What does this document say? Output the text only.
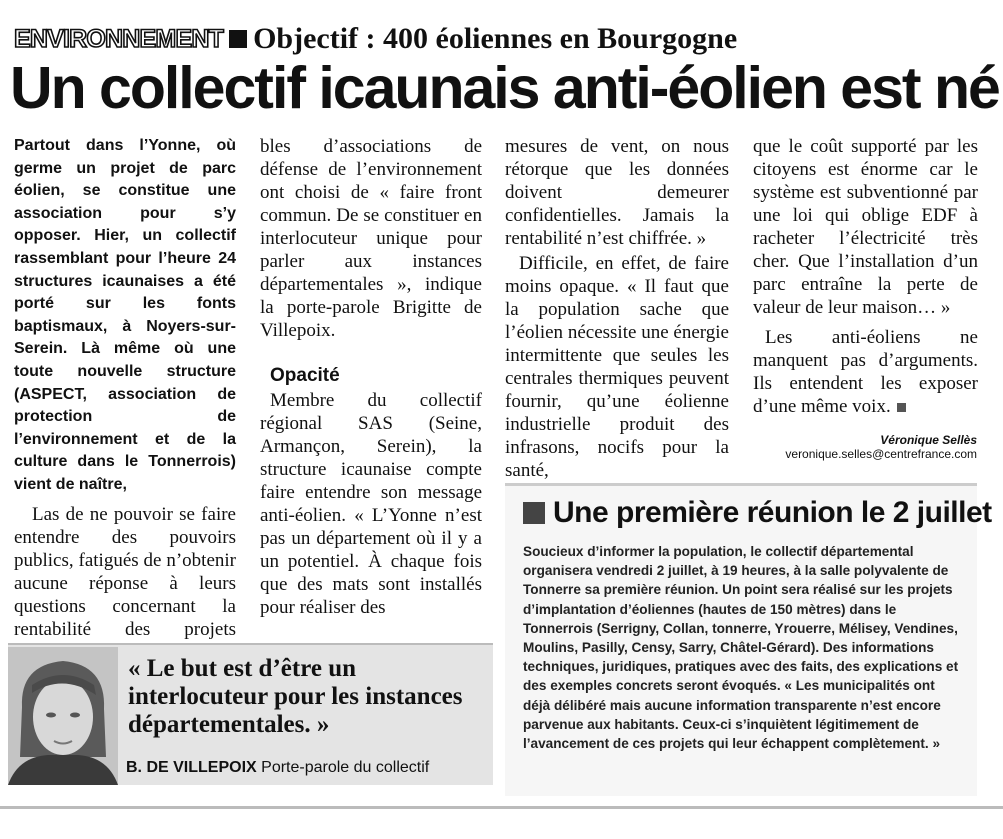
ENVIRONNEMENT Objectif : 400 éoliennes en Bourgogne
Un collectif icaunais anti-éolien est né

Partout dans l’Yonne, où germe un projet de parc éolien, se constitue une association pour s’y opposer. Hier, un collectif rassemblant pour l’heure 24 structures icaunaises a été porté sur les fonts baptismaux, à Noyers-sur-Serein. Là même où une toute nouvelle structure (ASPECT, association de protection de l’environnement et de la culture dans le Tonnerrois) vient de naître,

Las de ne pouvoir se faire entendre des pouvoirs publics, fatigués de n’obtenir aucune réponse à leurs questions concernant la rentabilité des projets

bles d’associations de défense de l’environnement ont choisi de « faire front commun. De se constituer en interlocuteur unique pour parler aux instances départementales », indique la porte-parole Brigitte de Villepoix.

Opacité

Membre du collectif régional SAS (Seine, Armançon, Serein), la structure icaunaise compte faire entendre son message anti-éolien. « L’Yonne n’est pas un département où il y a un potentiel. À chaque fois que des mats sont installés pour réaliser des

mesures de vent, on nous rétorque que les données doivent demeurer confidentielles. Jamais la rentabilité n’est chiffrée. »

Difficile, en effet, de faire moins opaque. « Il faut que la population sache que l’éolien nécessite une énergie intermittente que seules les centrales thermiques peuvent fournir, qu’une éolienne industrielle produit des infrasons, nocifs pour la santé,

que le coût supporté par les citoyens est énorme car le système est subventionné par une loi qui oblige EDF à racheter l’électricité très cher. Que l’installation d’un parc entraîne la perte de valeur de leur maison… »

Les anti-éoliens ne manquent pas d’arguments. Ils entendent les exposer d’une même voix.

Véronique Sellès
veronique.selles@centrefrance.com
« Le but est d’être un interlocuteur pour les instances départementales. »
B. DE VILLEPOIX Porte-parole du collectif
Une première réunion le 2 juillet
Soucieux d’informer la population, le collectif départemental organisera vendredi 2 juillet, à 19 heures, à la salle polyvalente de Tonnerre sa première réunion. Un point sera réalisé sur les projets d’implantation d’éoliennes (hautes de 150 mètres) dans le Tonnerrois (Serrigny, Collan, tonnerre, Yrouerre, Mélisey, Vendines, Moulins, Pasilly, Censy, Sarry, Châtel-Gérard). Des informations techniques, juridiques, pratiques avec des faits, des explications et des exemples concrets seront évoqués. « Les municipalités ont déjà délibéré mais aucune information transparente n’est encore parvenue aux habitants. Ceux-ci s’inquiètent légitimement de l’avancement de ces projets qui leur échappent complètement. »
